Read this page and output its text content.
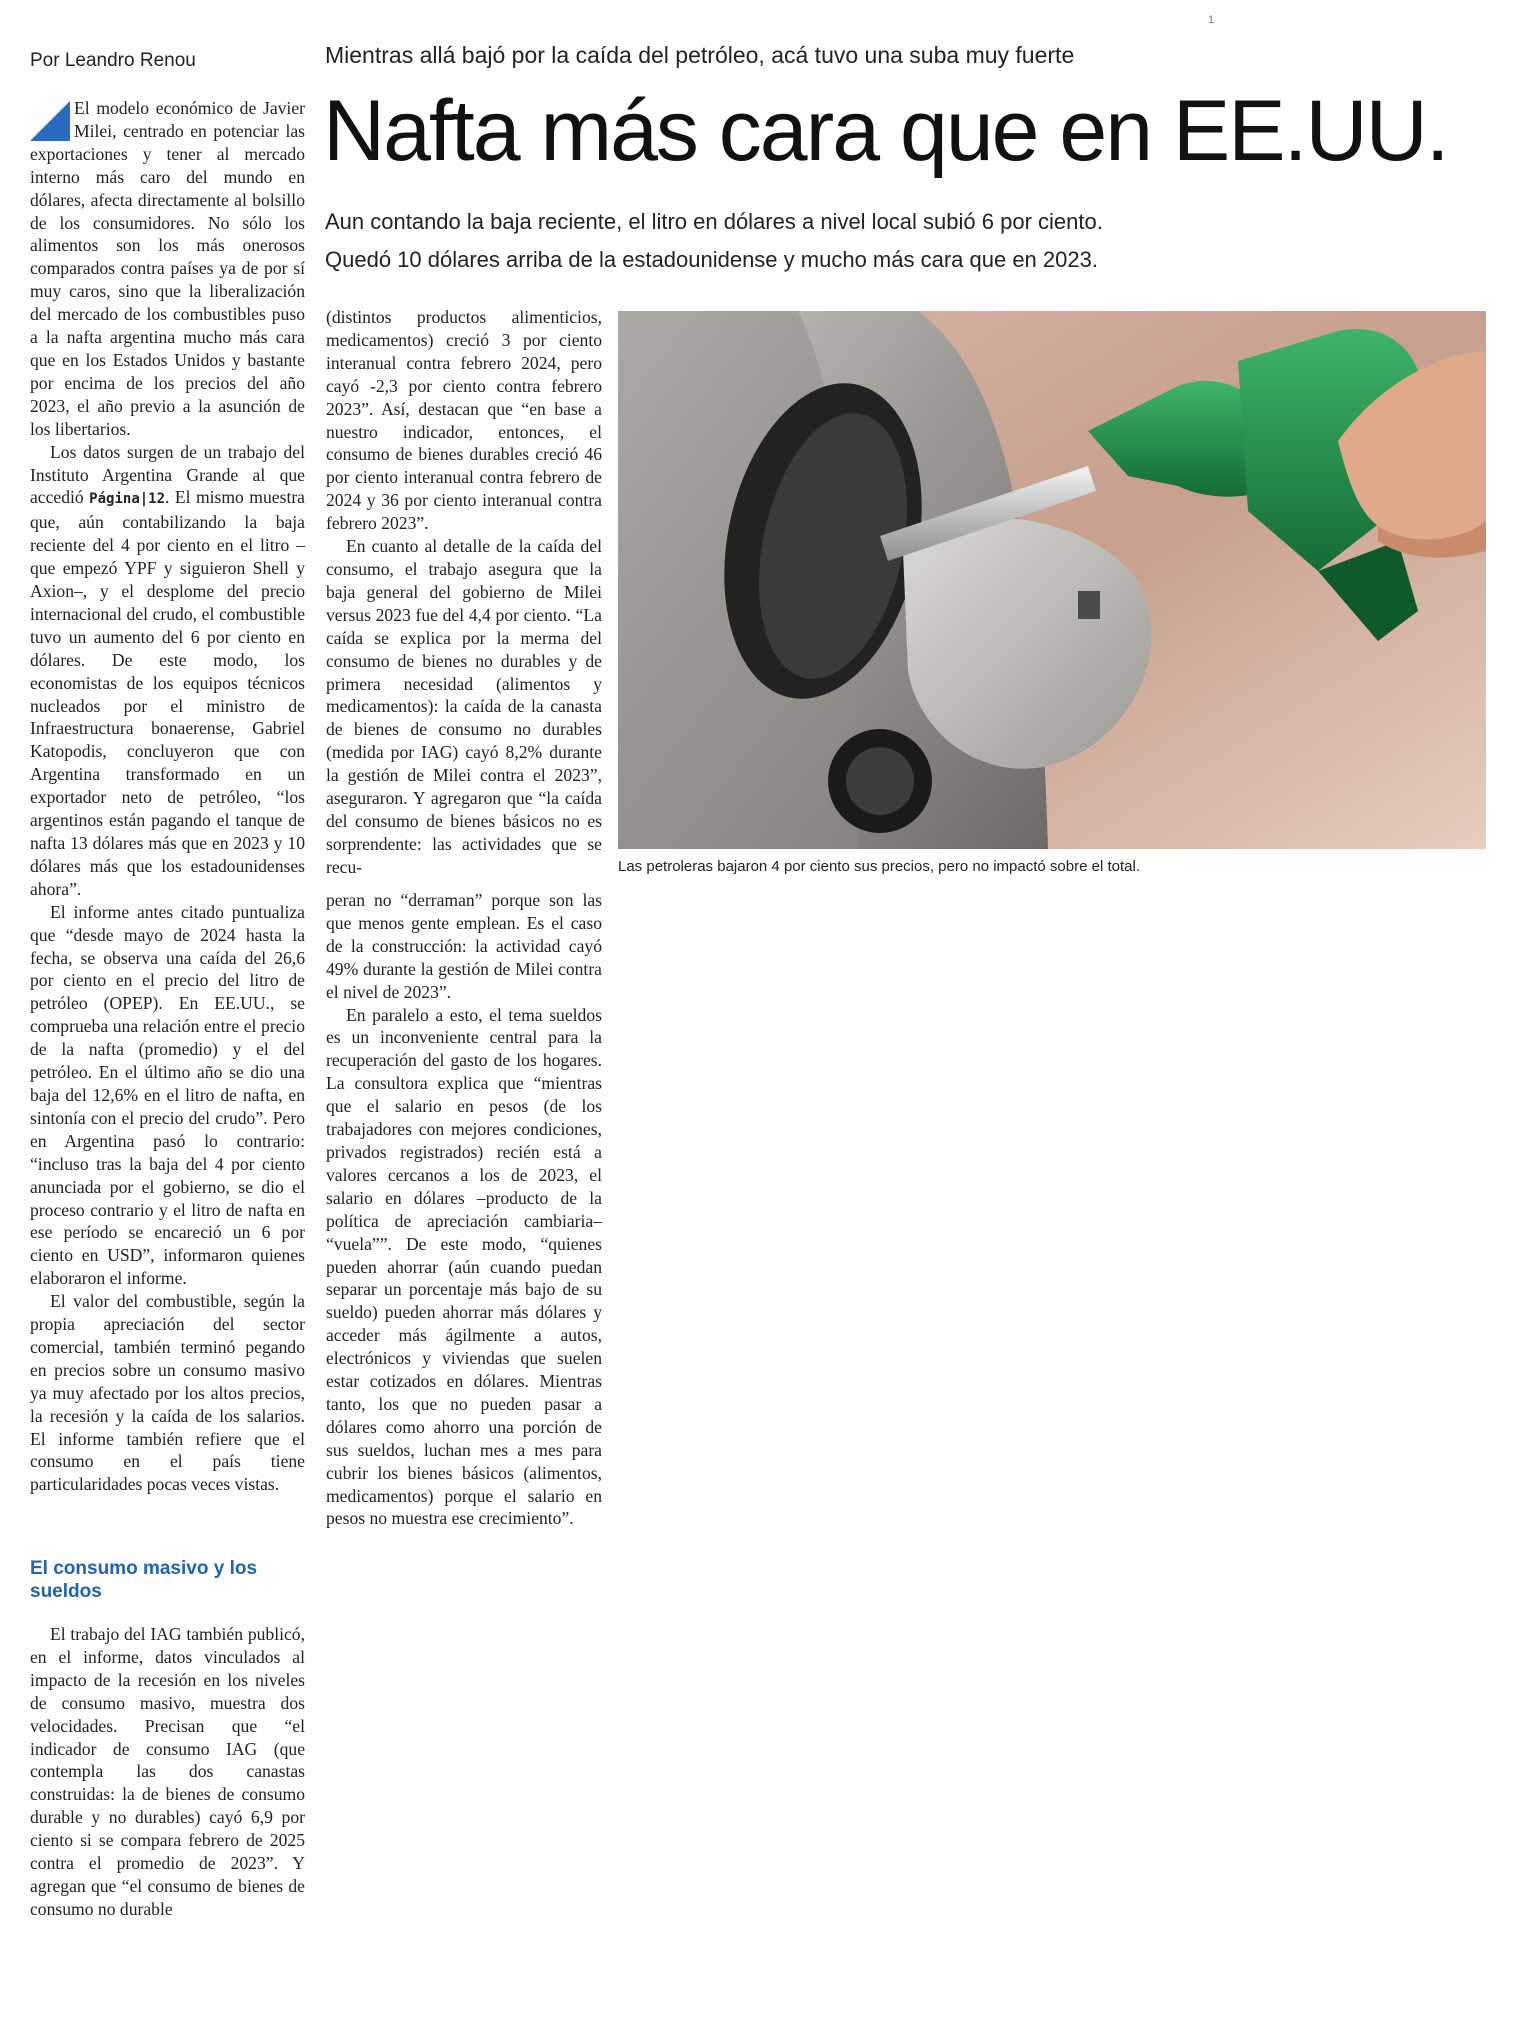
1
Por Leandro Renou	Mientras allá bajó por la caída del petróleo, acá tuvo una suba muy fuerte
Nafta más cara que en EE.UU.
Aun contando la baja reciente, el litro en dólares a nivel local subió 6 por ciento.
Quedó 10 dólares arriba de la estadounidense y mucho más cara que en 2023.

El modelo económico de Javier Milei, centrado en potenciar las exportaciones y tener al mercado interno más caro del mundo en dólares, afecta directamente al bolsillo de los consumidores. No sólo los alimentos son los más onerosos comparados contra países ya de por sí muy caros, sino que la liberalización del mercado de los combustibles puso a la nafta argentina mucho más cara que en los Estados Unidos y bastante por encima de los precios del año 2023, el año previo a la asunción de los libertarios.

Los datos surgen de un trabajo del Instituto Argentina Grande al que accedió Página|12. El mismo muestra que, aún contabilizando la baja reciente del 4 por ciento en el litro –que empezó YPF y siguieron Shell y Axion–, y el desplome del precio internacional del crudo, el combustible tuvo un aumento del 6 por ciento en dólares. De este modo, los economistas de los equipos técnicos nucleados por el ministro de Infraestructura bonaerense, Gabriel Katopodis, concluyeron que con Argentina transformado en un exportador neto de petróleo, “los argentinos están pagando el tanque de nafta 13 dólares más que en 2023 y 10 dólares más que los estadounidenses ahora”.

El informe antes citado puntualiza que “desde mayo de 2024 hasta la fecha, se observa una caída del 26,6 por ciento en el precio del litro de petróleo (OPEP). En EE.UU., se comprueba una relación entre el precio de la nafta (promedio) y el del petróleo. En el último año se dio una baja del 12,6% en el litro de nafta, en sintonía con el precio del crudo”. Pero en Argentina pasó lo contrario: “incluso tras la baja del 4 por ciento anunciada por el gobierno, se dio el proceso contrario y el litro de nafta en ese período se encareció un 6 por ciento en USD”, informaron quienes elaboraron el informe.

El valor del combustible, según la propia apreciación del sector comercial, también terminó pegando en precios sobre un consumo masivo ya muy afectado por los altos precios, la recesión y la caída de los salarios. El informe también refiere que el consumo en el país tiene particularidades pocas veces vistas.

El consumo masivo y los sueldos

El trabajo del IAG también publicó, en el informe, datos vinculados al impacto de la recesión en los niveles de consumo masivo, muestra dos velocidades. Precisan que “el indicador de consumo IAG (que contempla las dos canastas construidas: la de bienes de consumo durable y no durables) cayó 6,9 por ciento si se compara febrero de 2025 contra el promedio de 2023”. Y agregan que “el consumo de bienes de consumo no durable

(distintos productos alimenticios, medicamentos) creció 3 por ciento interanual contra febrero 2024, pero cayó -2,3 por ciento contra febrero 2023”. Así, destacan que “en base a nuestro indicador, entonces, el consumo de bienes durables creció 46 por ciento interanual contra febrero de 2024 y 36 por ciento interanual contra febrero 2023”.

En cuanto al detalle de la caída del consumo, el trabajo asegura que la baja general del gobierno de Milei versus 2023 fue del 4,4 por ciento. “La caída se explica por la merma del consumo de bienes no durables y de primera necesidad (alimentos y medicamentos): la caída de la canasta de bienes de consumo no durables (medida por IAG) cayó 8,2% durante la gestión de Milei contra el 2023”, aseguraron. Y agregaron que “la caída del consumo de bienes básicos no es sorprendente: las actividades que se recu-

peran no “derraman” porque son las que menos gente emplean. Es el caso de la construcción: la actividad cayó 49% durante la gestión de Milei contra el nivel de 2023”.

En paralelo a esto, el tema sueldos es un inconveniente central para la recuperación del gasto de los hogares. La consultora explica que “mientras que el salario en pesos (de los trabajadores con mejores condiciones, privados registrados) recién está a valores cercanos a los de 2023, el salario en dólares –producto de la política de apreciación cambiaria– “vuela””. De este modo, “quienes pueden ahorrar (aún cuando puedan separar un porcentaje más bajo de su sueldo) pueden ahorrar más dólares y acceder más ágilmente a autos, electrónicos y viviendas que suelen estar cotizados en dólares. Mientras tanto, los que no pueden pasar a dólares como ahorro una porción de sus sueldos, luchan mes a mes para cubrir los bienes básicos (alimentos, medicamentos) porque el salario en pesos no muestra ese crecimiento”.

Las petroleras bajaron 4 por ciento sus precios, pero no impactó sobre el total.
